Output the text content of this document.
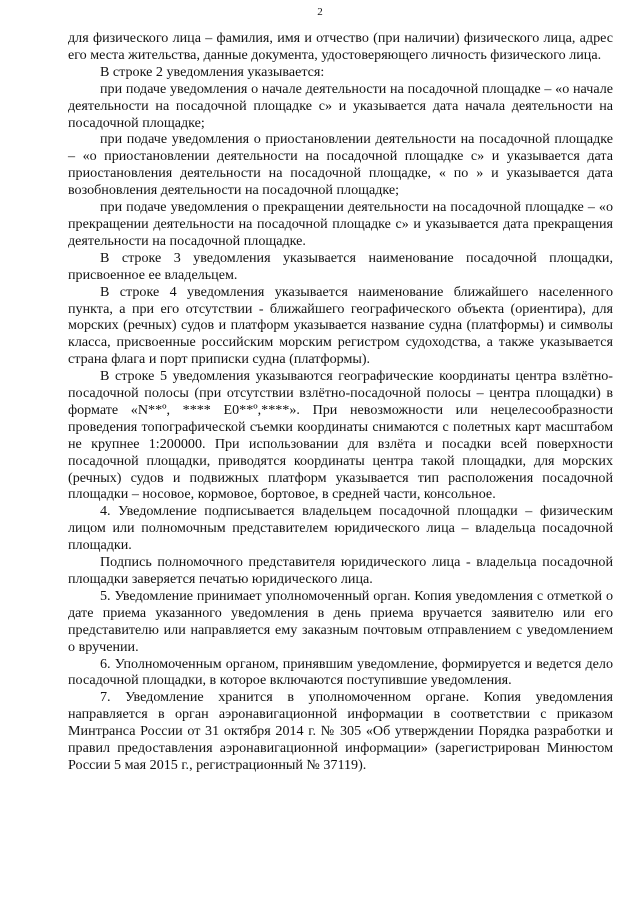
2

для физического лица – фамилия, имя и отчество (при наличии) физического лица, адрес его места жительства, данные документа, удостоверяющего личность физического лица.

В строке 2 уведомления указывается:

при подаче уведомления о начале деятельности на посадочной площадке – «о начале деятельности на посадочной площадке с» и указывается дата начала деятельности на посадочной площадке;

при подаче уведомления о приостановлении деятельности на посадочной площадке – «о приостановлении деятельности на посадочной площадке с» и указывается дата приостановления деятельности на посадочной площадке, « по » и указывается дата возобновления деятельности на посадочной площадке;

при подаче уведомления о прекращении деятельности на посадочной площадке – «о прекращении деятельности на посадочной площадке с» и указывается дата прекращения деятельности на посадочной площадке.

В строке 3 уведомления указывается наименование посадочной площадки, присвоенное ее владельцем.

В строке 4 уведомления указывается наименование ближайшего населенного пункта, а при его отсутствии - ближайшего географического объекта (ориентира), для морских (речных) судов и платформ указывается название судна (платформы) и символы класса, присвоенные российским морским регистром судоходства, а также указывается страна флага и порт приписки судна (платформы).

В строке 5 уведомления указываются географические координаты центра взлётно-посадочной полосы (при отсутствии взлётно-посадочной полосы – центра площадки) в формате «N**º, **** E0**º,****». При невозможности или нецелесообразности проведения топографической съемки координаты снимаются с полетных карт масштабом не крупнее 1:200000. При использовании для взлёта и посадки всей поверхности посадочной площадки, приводятся координаты центра такой площадки, для морских (речных) судов и подвижных платформ указывается тип расположения посадочной площадки – носовое, кормовое, бортовое, в средней части, консольное.

4. Уведомление подписывается владельцем посадочной площадки – физическим лицом или полномочным представителем юридического лица – владельца посадочной площадки.

Подпись полномочного представителя юридического лица - владельца посадочной площадки заверяется печатью юридического лица.

5. Уведомление принимает уполномоченный орган. Копия уведомления с отметкой о дате приема указанного уведомления в день приема вручается заявителю или его представителю или направляется ему заказным почтовым отправлением с уведомлением о вручении.

6. Уполномоченным органом, принявшим уведомление, формируется и ведется дело посадочной площадки, в которое включаются поступившие уведомления.

7. Уведомление хранится в уполномоченном органе. Копия уведомления направляется в орган аэронавигационной информации в соответствии с приказом Минтранса России от 31 октября 2014 г. № 305 «Об утверждении Порядка разработки и правил предоставления аэронавигационной информации» (зарегистрирован Минюстом России 5 мая 2015 г., регистрационный № 37119).
